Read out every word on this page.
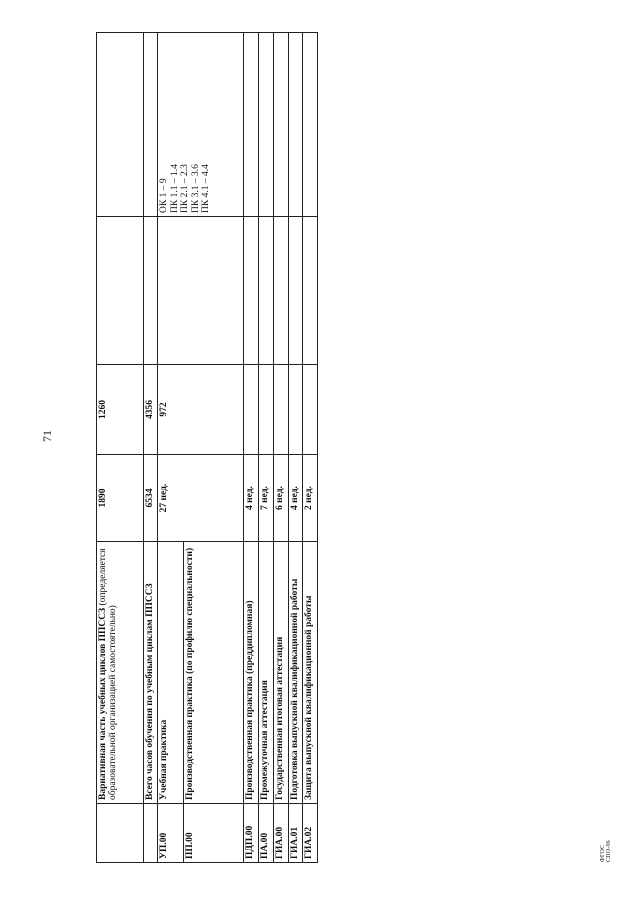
71
	Вариативная часть учебных циклов ППССЗ (определяется образовательной организацией самостоятельно)	1890	1260		
	Всего часов обучения по учебным циклам ППССЗ	6534	4356		
УП.00	Учебная практика	27 нед.	972		ОК 1 – 9 ПК 1.1 – 1.4 ПК 2.1 – 2.3 ПК 3.1 – 3.6 ПК 4.1 – 4.4

ПП.00	Производственная практика (по профилю специальности)				
ПДП.00	Производственная практика (преддипломная)	4 нед.			
ПА.00	Промежуточная аттестация	7 нед.			
ГИА.00	Государственная итоговая аттестация	6 нед.			
ГИА.01	Подготовка выпускной квалификационной работы	4 нед.			
ГИА.02	Защита выпускной квалификационной работы	2 нед.			
ФГОС СПО-06
